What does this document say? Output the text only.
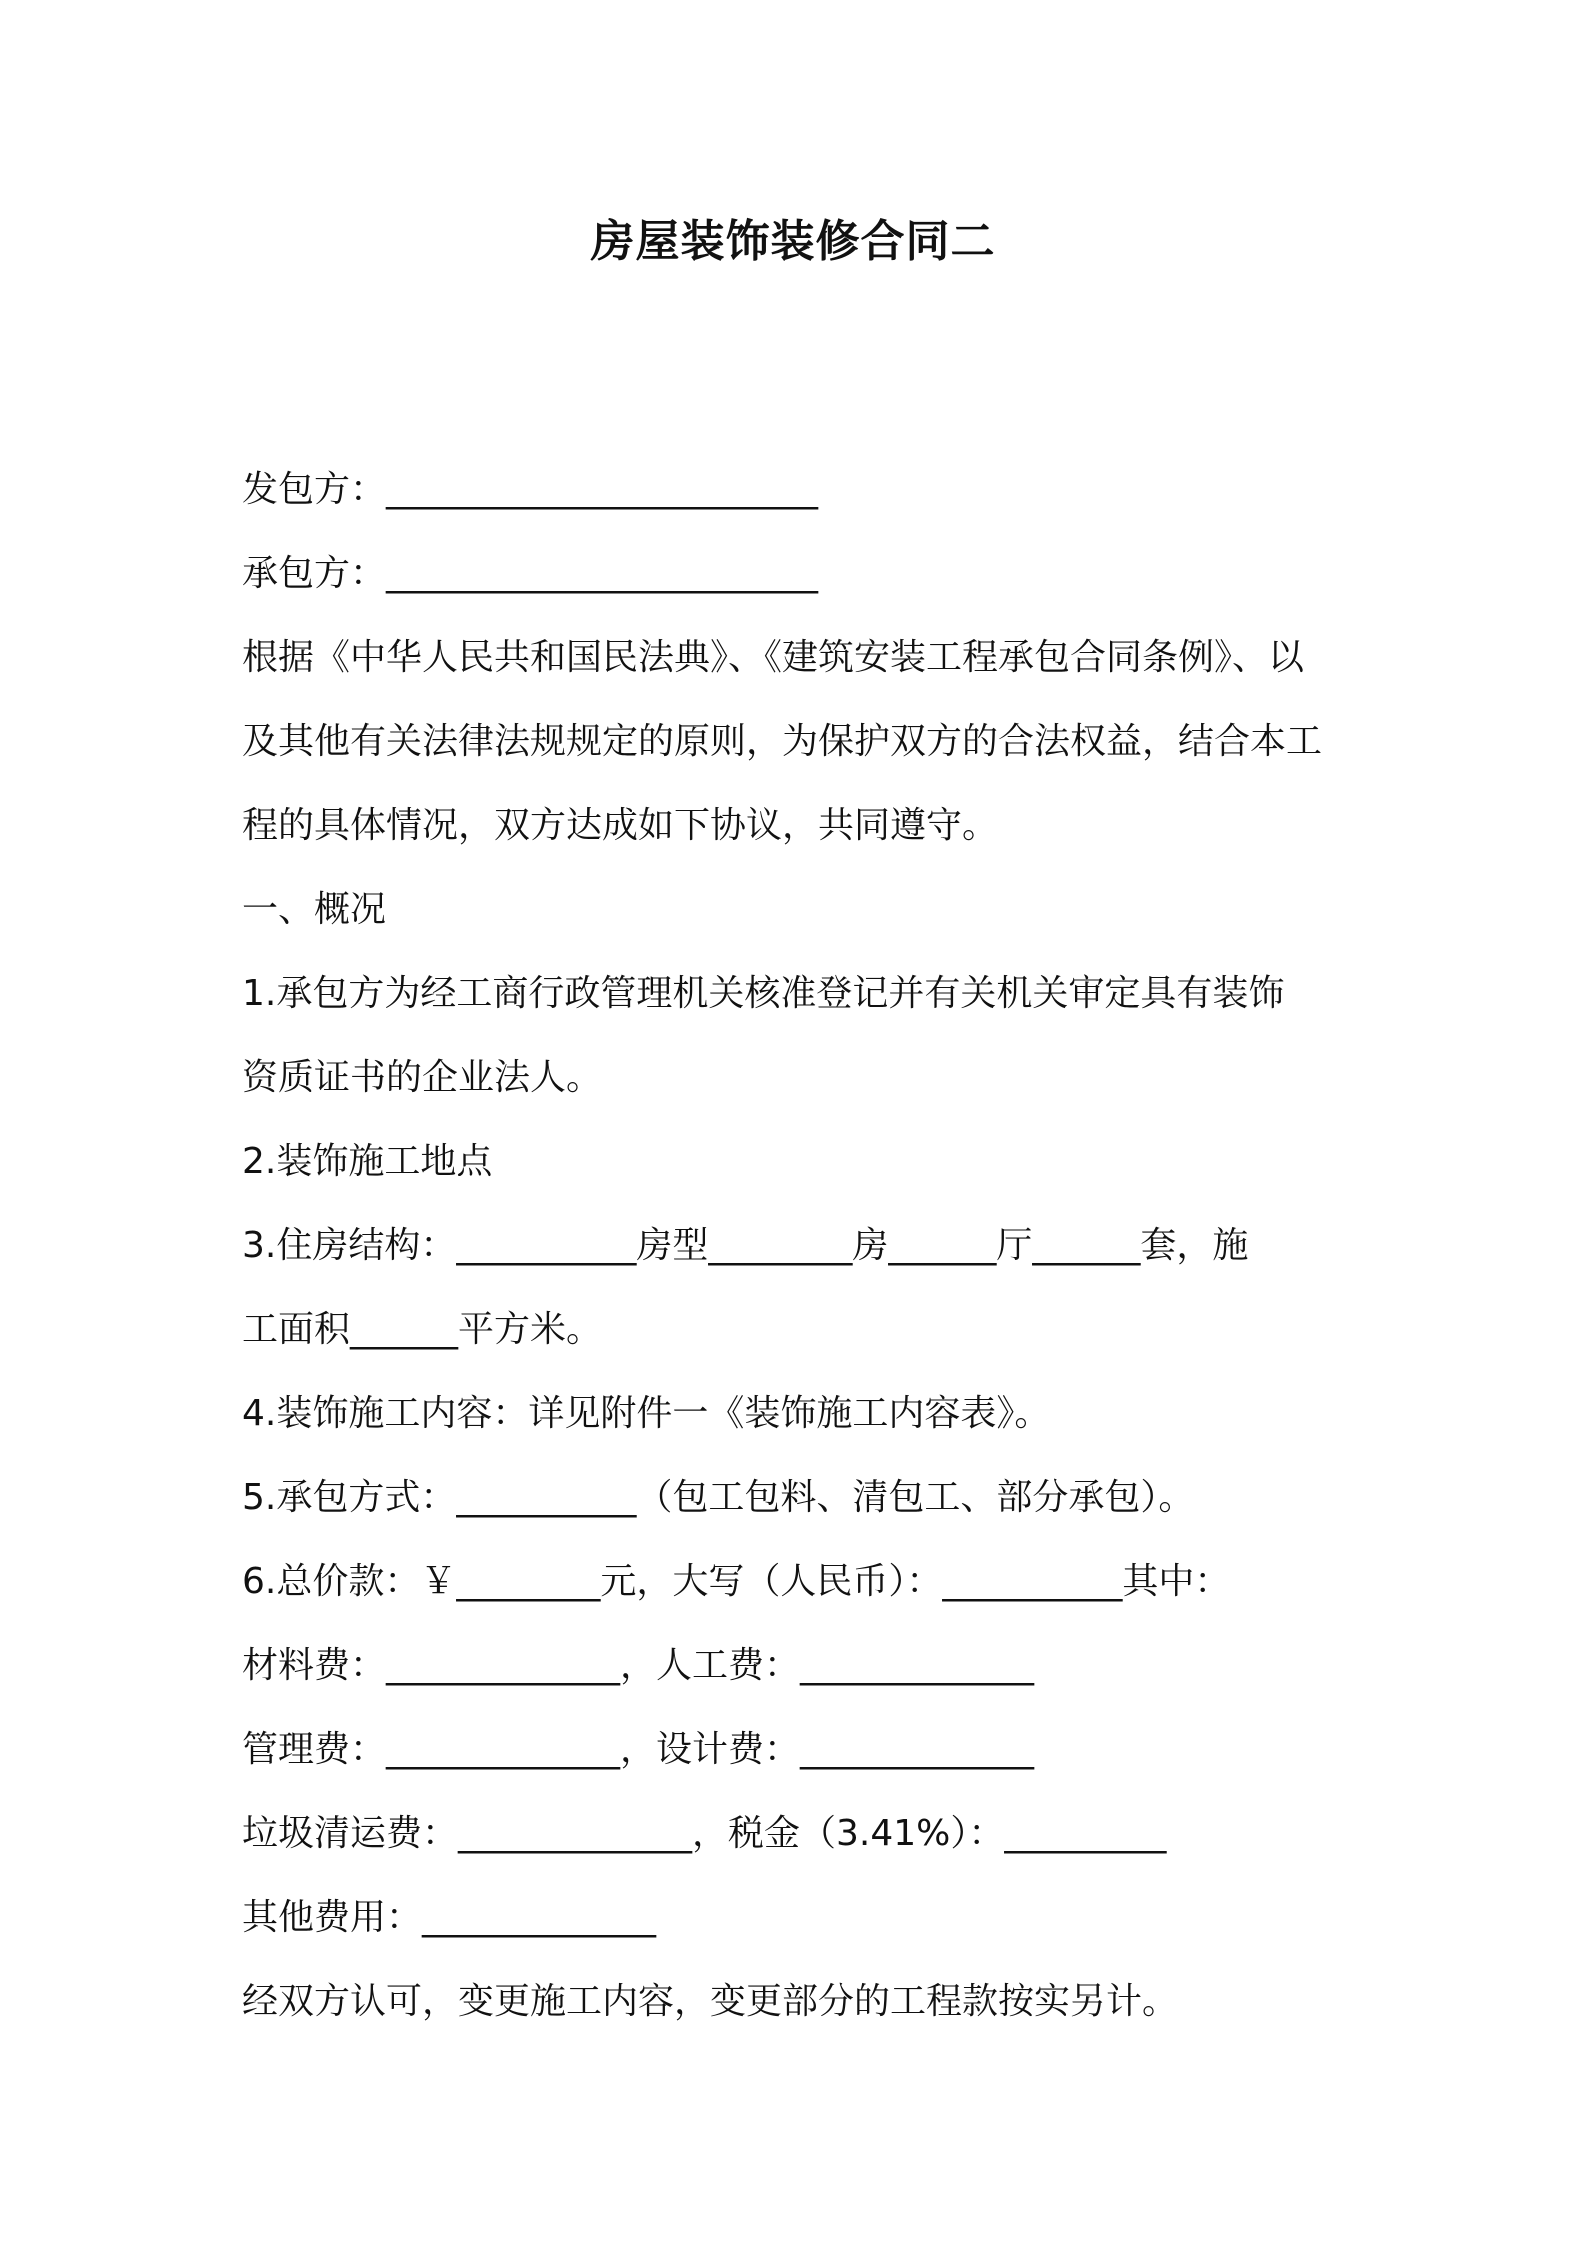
房屋装饰装修合同二
发包方：________________________
承包方：________________________
根据《中华人民共和国民法典》、《建筑安装工程承包合同条例》、以
及其他有关法律法规规定的原则，为保护双方的合法权益，结合本工
程的具体情况，双方达成如下协议，共同遵守。
一、概况
1.承包方为经工商行政管理机关核准登记并有关机关审定具有装饰
资质证书的企业法人。
2.装饰施工地点
3.住房结构：__________房型________房______厅______套，施
工面积______平方米。
4.装饰施工内容：详见附件一《装饰施工内容表》。
5.承包方式：__________（包工包料、清包工、部分承包）。
6.总价款：￥________元，大写（人民币）：__________其中：
材料费：_____________，人工费：_____________
管理费：_____________，设计费：_____________
垃圾清运费：_____________，税金（3.41%）：_________
其他费用：_____________
经双方认可，变更施工内容，变更部分的工程款按实另计。
